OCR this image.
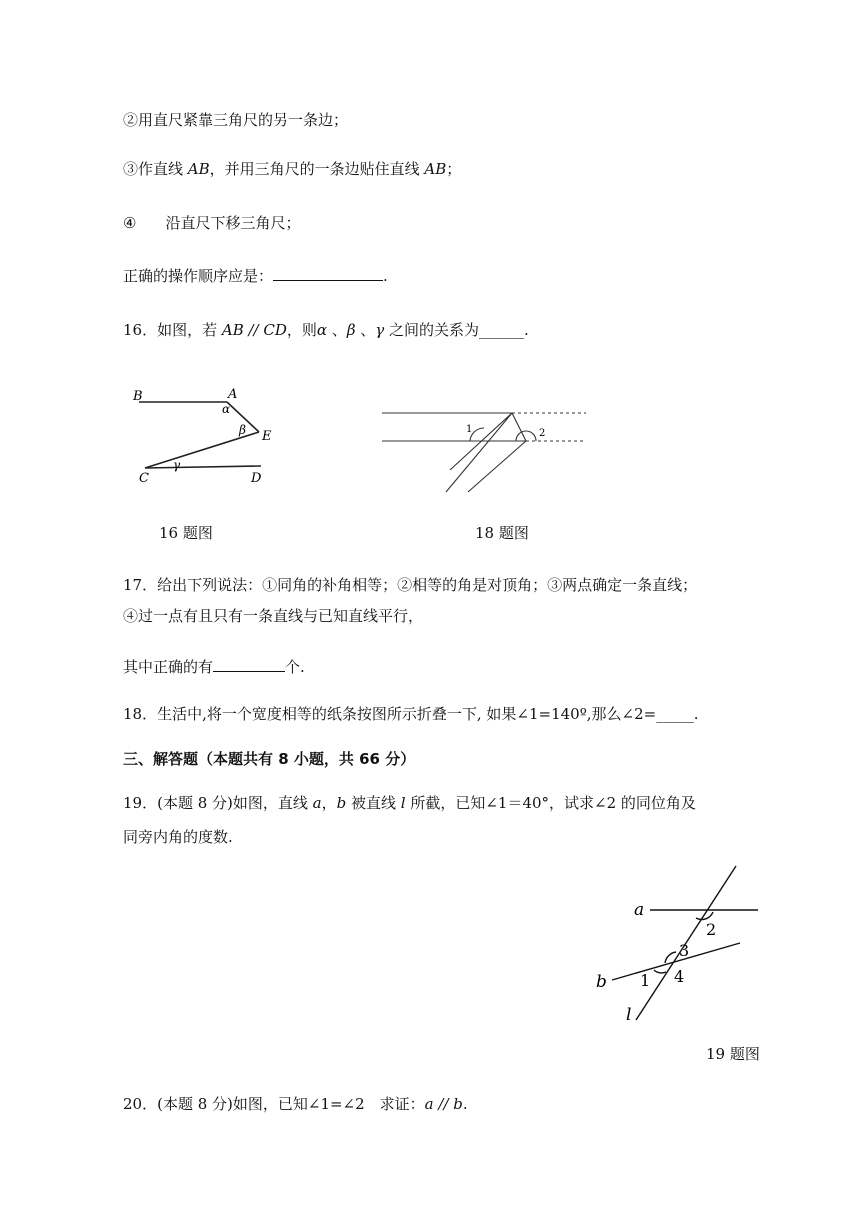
②用直尺紧靠三角尺的另一条边；
③作直线 AB，并用三角尺的一条边贴住直线 AB；
④ 沿直尺下移三角尺；
正确的操作顺序应是：	.
16．如图，若 AB // CD，则α 、β 、γ 之间的关系为______.
B	A
α
β E
γ
C	D
1	2
16 题图	18 题图
17．给出下列说法：①同角的补角相等；②相等的角是对顶角；③两点确定一条直线；
④过一点有且只有一条直线与已知直线平行，
其中正确的有	个.
18．生活中,将一个宽度相等的纸条按图所示折叠一下, 如果∠1=140º,那么∠2=_____.
三、解答题（本题共有 8 小题，共 66 分）
19．(本题 8 分)如图，直线 a，b 被直线 l 所截，已知∠1＝40°，试求∠2 的同位角及
同旁内角的度数.
a
2
3
4
1
b
l
19 题图
20．(本题 8 分)如图，已知∠1=∠2　求证：a // b.
